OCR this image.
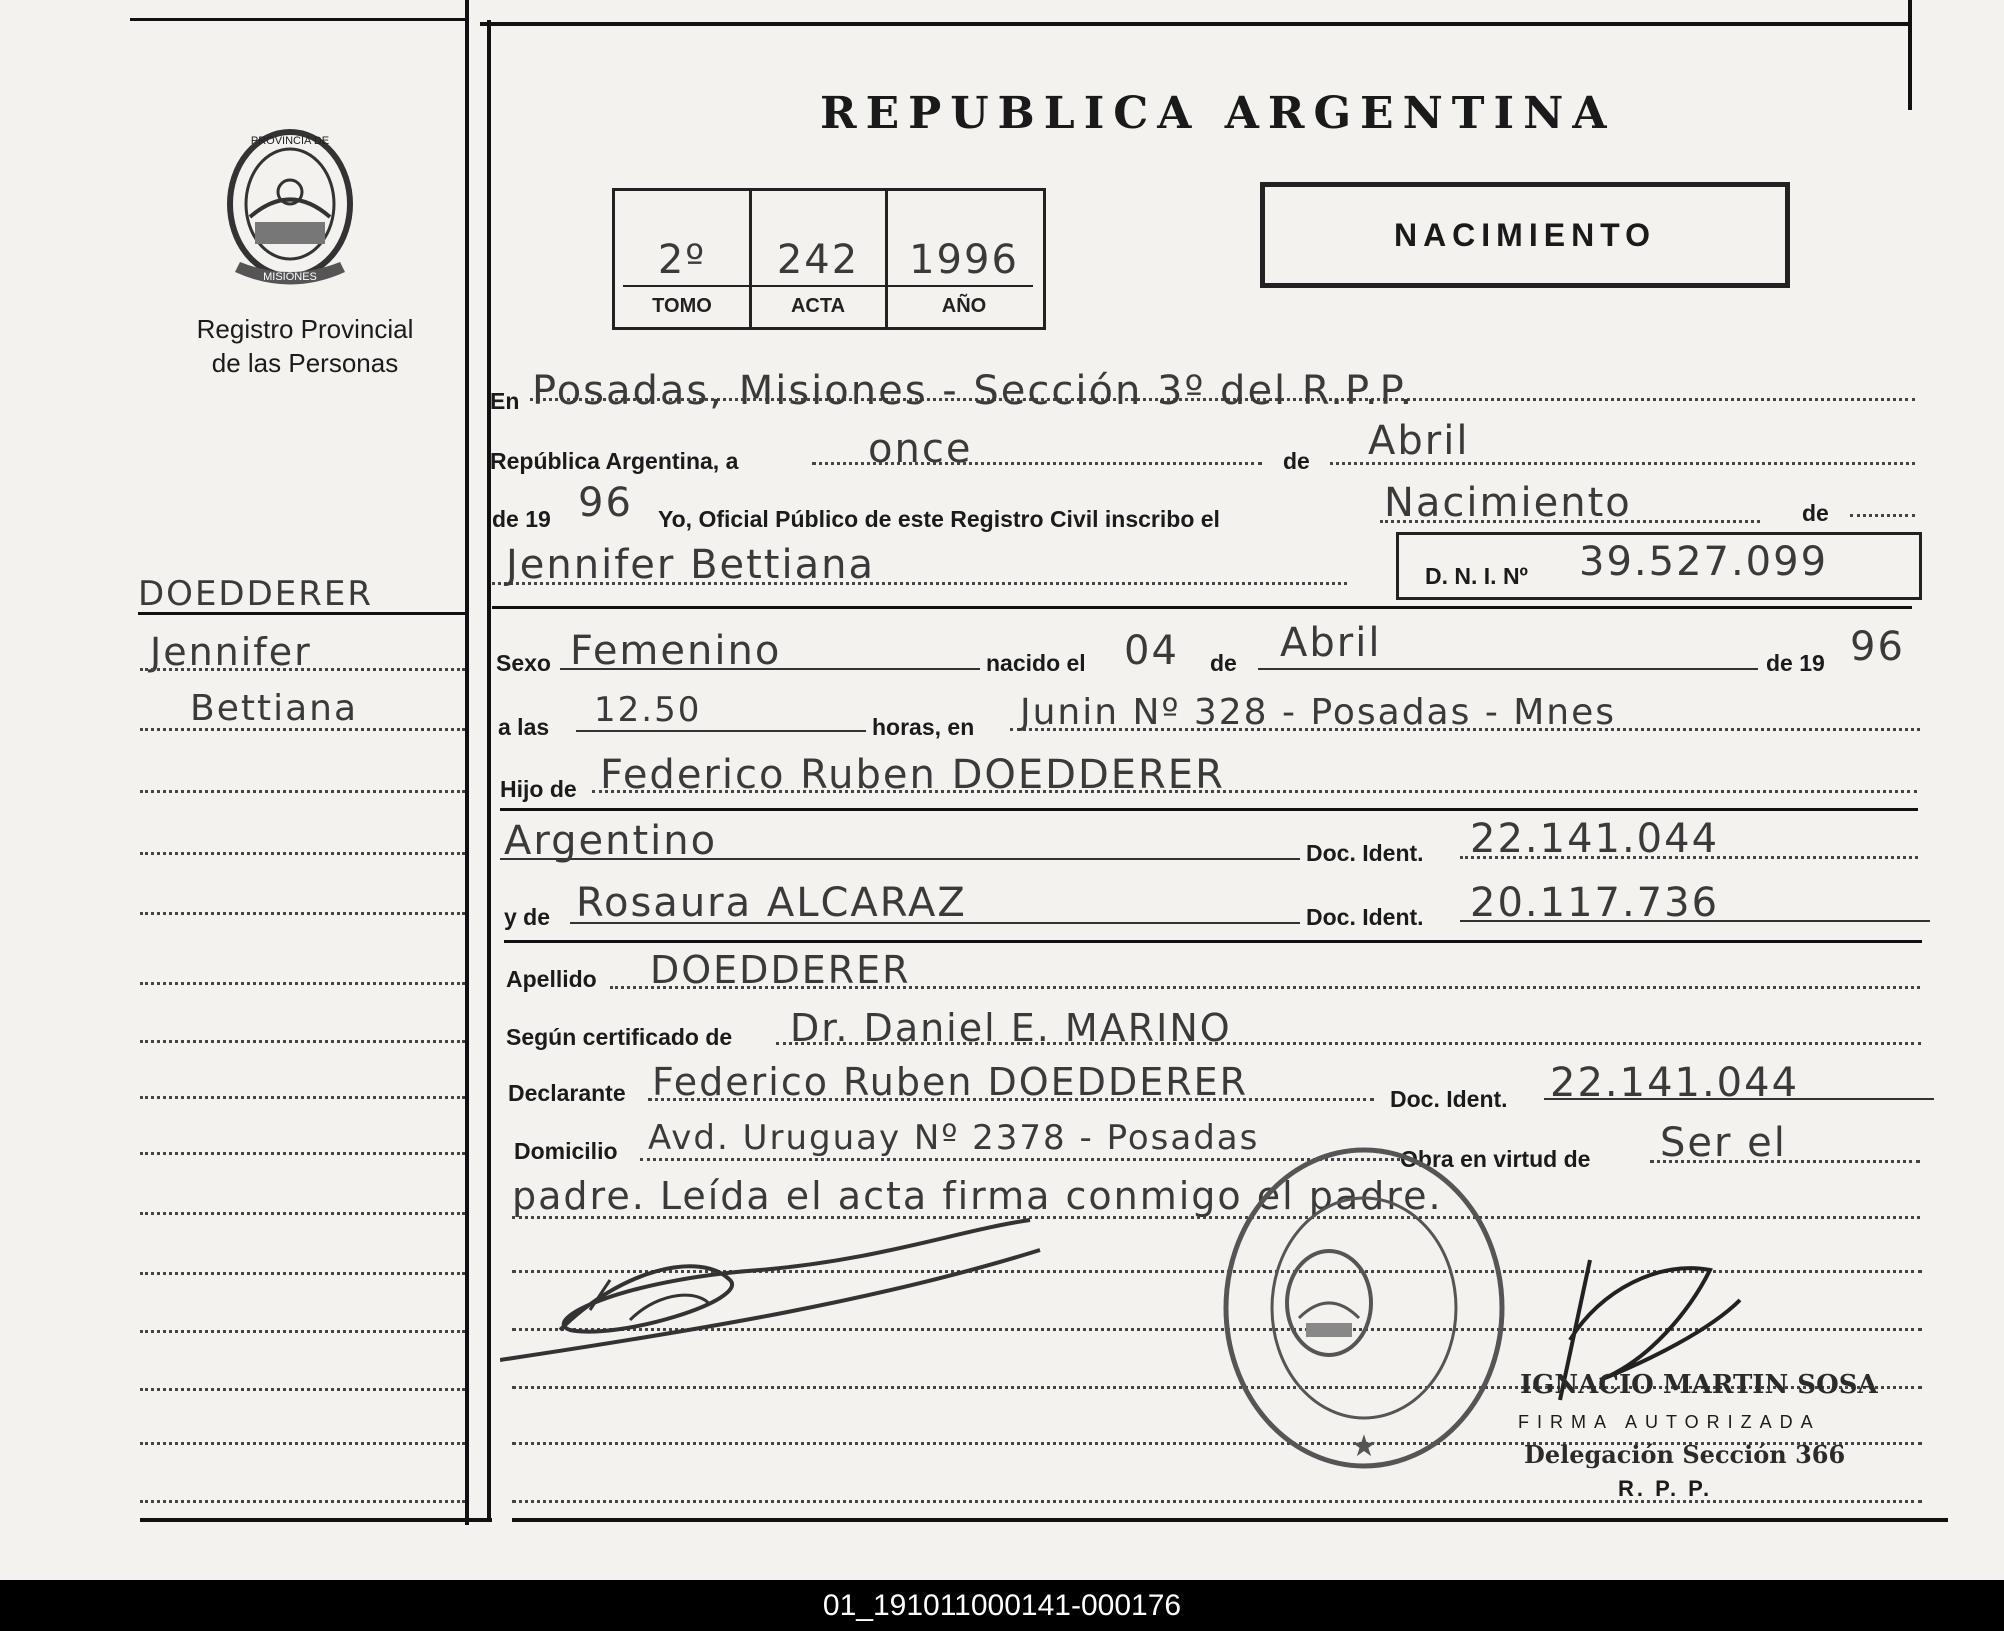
PROVINCIA DE
MISIONES
Registro Provincial
de las Personas
REPUBLICA ARGENTINA
2º	242	1996
TOMO	ACTA	AÑO
NACIMIENTO
DOEDDERER
Jennifer
Bettiana
En Posadas, Misiones - Sección 3º del R.P.P.
República Argentina, a	once	de Abril
de 19 96 Yo, Oficial Público de este Registro Civil inscribo el	Nacimiento	de
Jennifer Bettiana	D. N. I. Nº 39.527.099
Sexo Femenino	nacido el 04 de Abril	de 19 96
a las 12.50	horas, en Junin Nº 328 - Posadas - Mnes
Hijo de Federico Ruben DOEDDERER
Argentino	Doc. Ident. 22.141.044
y de Rosaura ALCARAZ	Doc. Ident. 20.117.736
Apellido DOEDDERER
Según certificado de Dr. Daniel E. MARINO
Declarante Federico Ruben DOEDDERER	Doc. Ident. 22.141.044
Domicilio Avd. Uruguay Nº 2378 - Posadas
Obra en virtud de Ser el
padre. Leída el acta firma conmigo el padre.
★
IGNACIO MARTIN SOSA
FIRMA AUTORIZADA
Delegación Sección 366
R. P. P.
01_191011000141-000176
